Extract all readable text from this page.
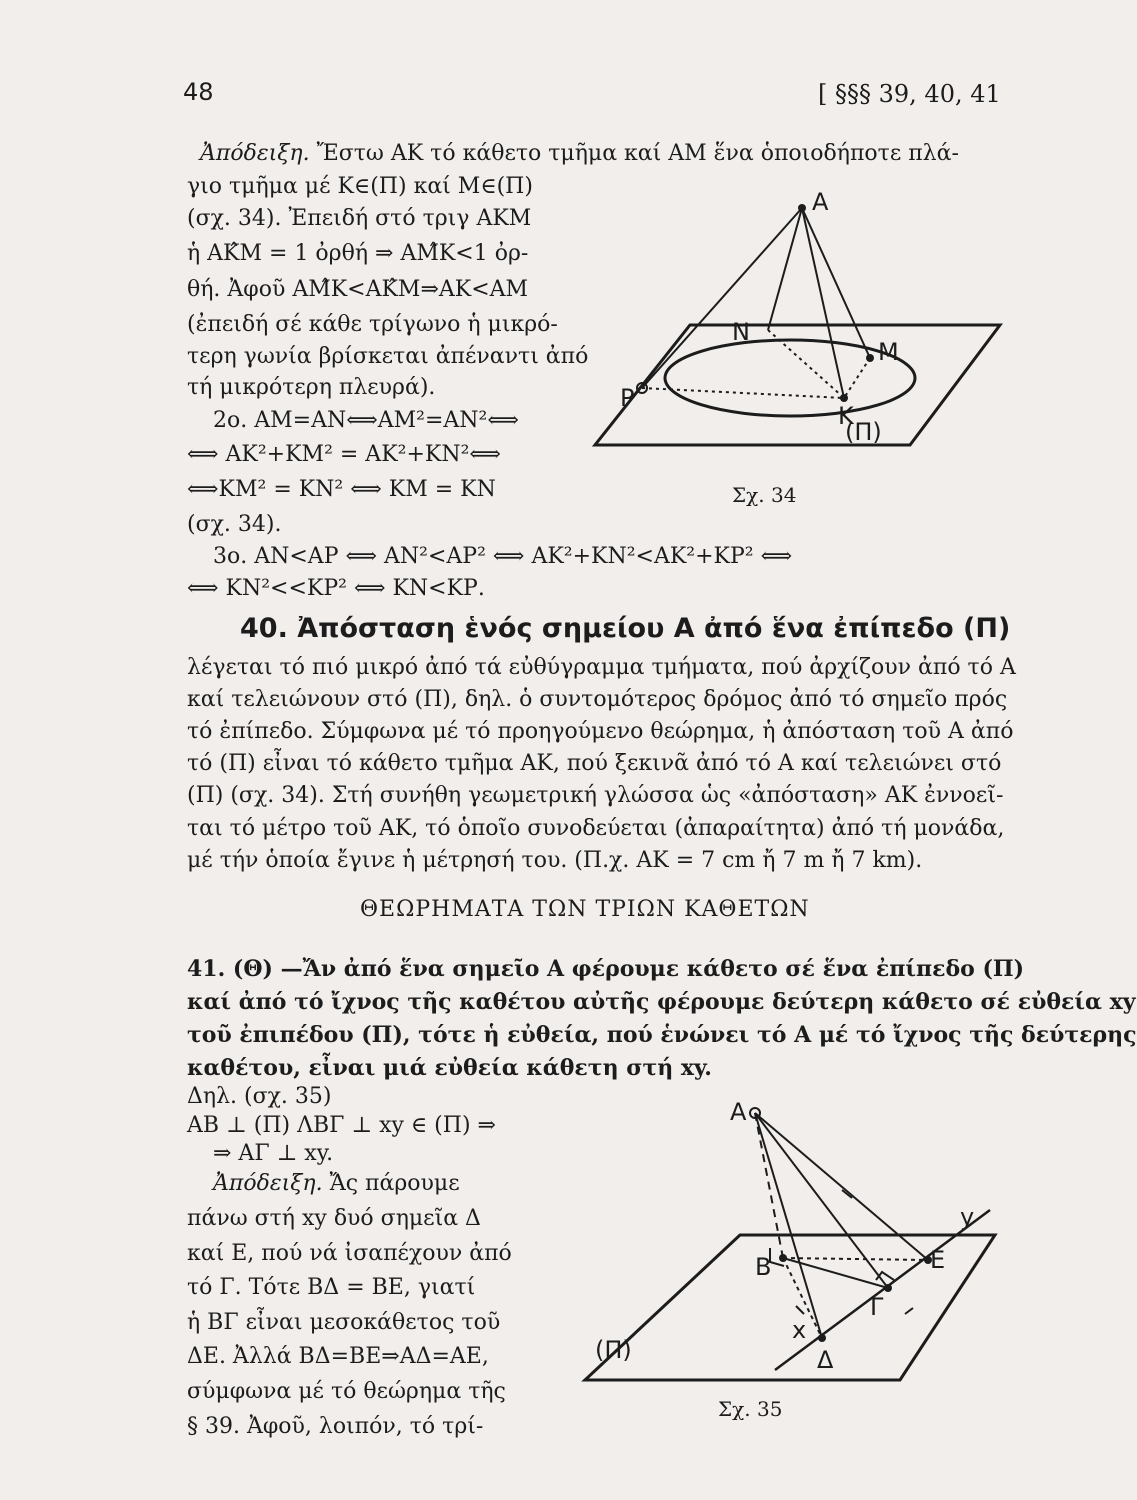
48	[ §§§ 39, 40, 41
Ἀπόδειξη. Ἔστω ΑΚ τό κάθετο τμῆμα καί ΑΜ ἕνα ὁποιοδήποτε πλά-
γιο τμῆμα μέ Κ∈(Π) καί Μ∈(Π)
(σχ. 34). Ἐπειδή στό τριγ ΑΚΜ
ἡ ΑΚ̂Μ = 1 ὀρθή ⇒ ΑΜ̂Κ<1 ὀρ-
θή. Ἀφοῦ ΑΜ̂Κ<ΑΚ̂Μ⇒ΑΚ<ΑΜ
(ἐπειδή σέ κάθε τρίγωνο ἡ μικρό-
τερη γωνία βρίσκεται ἀπέναντι ἀπό
τή μικρότερη πλευρά).
2ο. ΑΜ=ΑΝ⟺ΑΜ²=ΑΝ²⟺
⟺ ΑΚ²+ΚΜ² = ΑΚ²+ΚΝ²⟺
⟺ΚΜ² = ΚΝ² ⟺ ΚΜ = ΚΝ
(σχ. 34).
3ο. ΑΝ<ΑΡ ⟺ ΑΝ²<ΑΡ² ⟺ ΑΚ²+ΚΝ²<ΑΚ²+ΚΡ² ⟺
⟺ ΚΝ²<<ΚΡ² ⟺ ΚΝ<ΚΡ.
A
N
M
K
P
(Π)
Σχ. 34
40. Ἀπόσταση ἑνός σημείου Α ἀπό ἕνα ἐπίπεδο (Π)
λέγεται τό πιό μικρό ἀπό τά εὐθύγραμμα τμήματα, πού ἀρχίζουν ἀπό τό Α
καί τελειώνουν στό (Π), δηλ. ὁ συντομότερος δρόμος ἀπό τό σημεῖο πρός
τό ἐπίπεδο. Σύμφωνα μέ τό προηγούμενο θεώρημα, ἡ ἀπόσταση τοῦ Α ἀπό
τό (Π) εἶναι τό κάθετο τμῆμα ΑΚ, πού ξεκινᾶ ἀπό τό Α καί τελειώνει στό
(Π) (σχ. 34). Στή συνήθη γεωμετρική γλώσσα ὡς «ἀπόσταση» ΑΚ ἐννοεῖ-
ται τό μέτρο τοῦ ΑΚ, τό ὁποῖο συνοδεύεται (ἀπαραίτητα) ἀπό τή μονάδα,
μέ τήν ὁποία ἔγινε ἡ μέτρησή του. (Π.χ. ΑΚ = 7 cm ἤ 7 m ἤ 7 km).
ΘΕΩΡΗΜΑΤΑ ΤΩΝ ΤΡΙΩΝ ΚΑΘΕΤΩΝ
41. (Θ) —Ἄν ἀπό ἕνα σημεῖο Α φέρουμε κάθετο σέ ἕνα ἐπίπεδο (Π)
καί ἀπό τό ἴχνος τῆς καθέτου αὐτῆς φέρουμε δεύτερη κάθετο σέ εὐθεία xy
τοῦ ἐπιπέδου (Π), τότε ἡ εὐθεία, πού ἑνώνει τό Α μέ τό ἴχνος τῆς δεύτερης
καθέτου, εἶναι μιά εὐθεία κάθετη στή xy.
Δηλ. (σχ. 35)
ΑΒ ⊥ (Π) ΛΒΓ ⊥ xy ∈ (Π) ⇒
⇒ ΑΓ ⊥ xy.
Ἀπόδειξη. Ἄς πάρουμε
πάνω στή xy δυό σημεῖα Δ
καί Ε, πού νά ἰσαπέχουν ἀπό
τό Γ. Τότε ΒΔ = ΒΕ, γιατί
ἡ ΒΓ εἶναι μεσοκάθετος τοῦ
ΔΕ. Ἀλλά ΒΔ=ΒΕ⇒ΑΔ=ΑΕ,
σύμφωνα μέ τό θεώρημα τῆς
§ 39. Ἀφοῦ, λοιπόν, τό τρί-
A
B	E
Γ
Δ
y
x
(Π)
Σχ. 35
